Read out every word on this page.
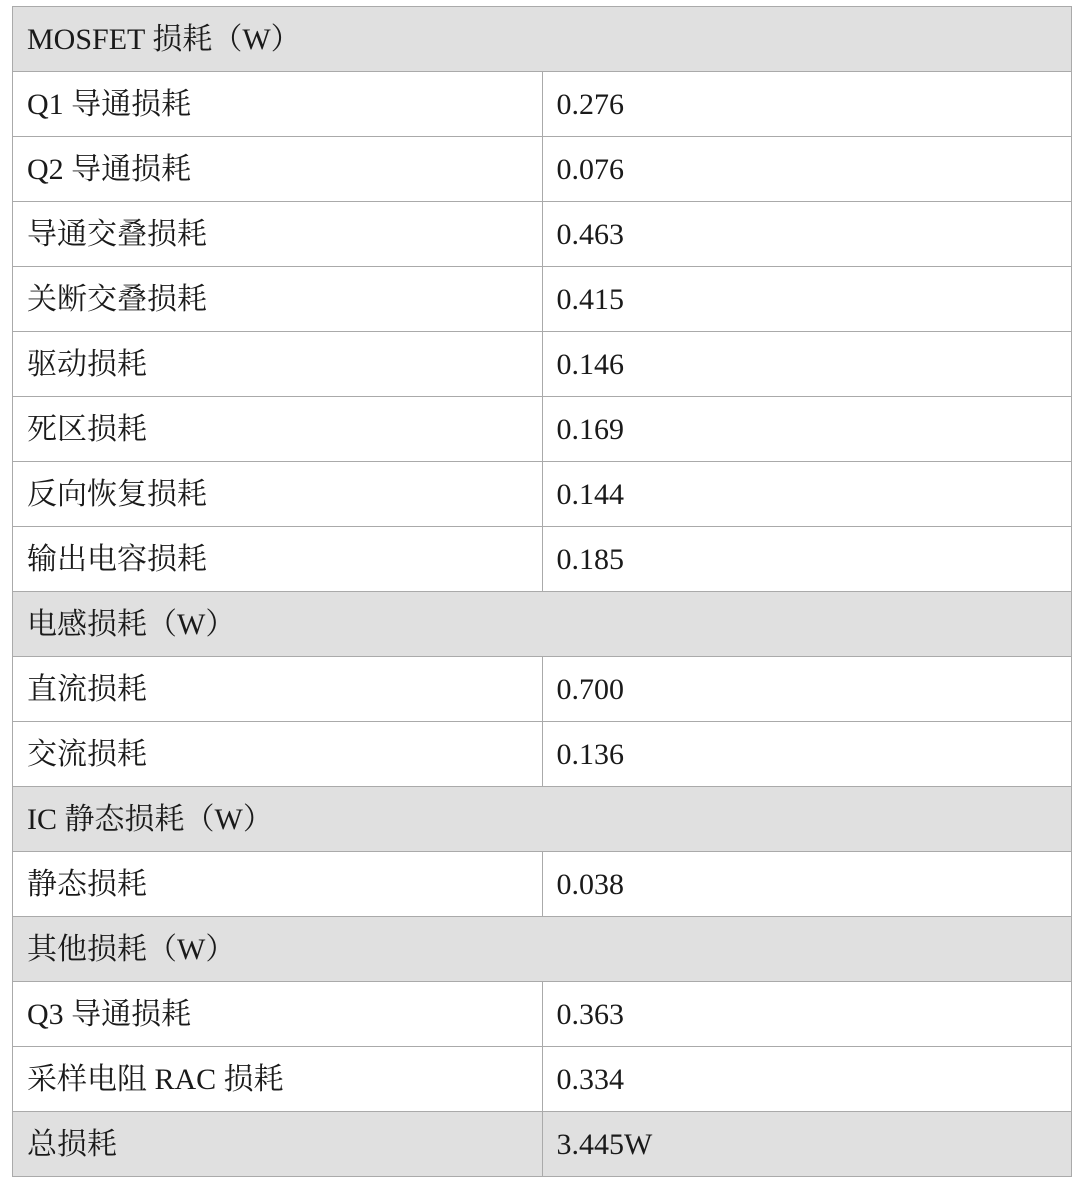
MOSFET 损耗（W）	
Q1 导通损耗	0.276
Q2 导通损耗	0.076
导通交叠损耗	0.463
关断交叠损耗	0.415
驱动损耗	0.146
死区损耗	0.169
反向恢复损耗	0.144
输出电容损耗	0.185
电感损耗（W）	
直流损耗	0.700
交流损耗	0.136
IC 静态损耗（W）	
静态损耗	0.038
其他损耗（W）	
Q3 导通损耗	0.363
采样电阻 RAC 损耗	0.334
总损耗	3.445W
